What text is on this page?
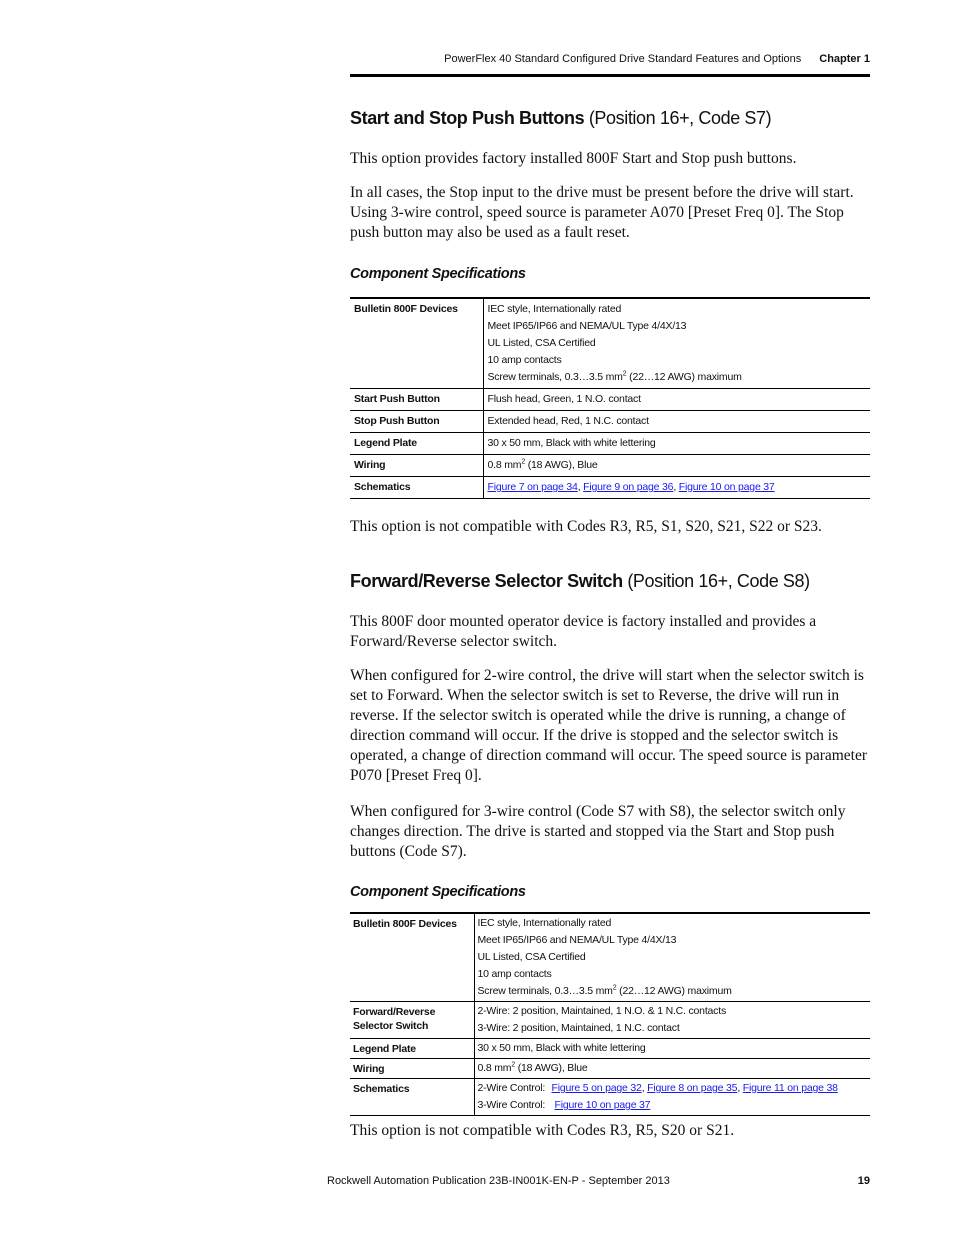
PowerFlex 40 Standard Configured Drive Standard Features and Options Chapter 1
Start and Stop Push Buttons (Position 16+, Code S7)

This option provides factory installed 800F Start and Stop push buttons.

In all cases, the Stop input to the drive must be present before the drive will start. Using 3-wire control, speed source is parameter A070 [Preset Freq 0]. The Stop push button may also be used as a fault reset.

Component Specifications
Bulletin 800F Devices	IEC style, Internationally rated
Meet IP65/IP66 and NEMA/UL Type 4/4X/13
UL Listed, CSA Certified
10 amp contacts
Screw terminals, 0.3…3.5 $mm^2$ (22…12 AWG) maximum

Start Push Button	Flush head, Green, 1 N.O. contact
Stop Push Button	Extended head, Red, 1 N.C. contact
Legend Plate	30 x 50 mm, Black with white lettering
Wiring	0.8 $mm^2$ (18 AWG), Blue
Schematics	Figure 7 on page 34, Figure 9 on page 36, Figure 10 on page 37

This option is not compatible with Codes R3, R5, S1, S20, S21, S22 or S23.

Forward/Reverse Selector Switch (Position 16+, Code S8)

This 800F door mounted operator device is factory installed and provides a Forward/Reverse selector switch.

When configured for 2-wire control, the drive will start when the selector switch is set to Forward. When the selector switch is set to Reverse, the drive will run in reverse. If the selector switch is operated while the drive is running, a change of direction command will occur. If the drive is stopped and the selector switch is operated, a change of direction command will occur. The speed source is parameter P070 [Preset Freq 0].

When configured for 3-wire control (Code S7 with S8), the selector switch only changes direction. The drive is started and stopped via the Start and Stop push buttons (Code S7).

Component Specifications
Bulletin 800F Devices	IEC style, Internationally rated
Meet IP65/IP66 and NEMA/UL Type 4/4X/13
UL Listed, CSA Certified
10 amp contacts
Screw terminals, 0.3…3.5 $mm^2$ (22…12 AWG) maximum

Forward/Reverse
Selector Switch	2-Wire: 2 position, Maintained, 1 N.O. & 1 N.C. contacts
3-Wire: 2 position, Maintained, 1 N.C. contact

Legend Plate	30 x 50 mm, Black with white lettering
Wiring	0.8 $mm^2$ (18 AWG), Blue
Schematics	2-Wire Control: Figure 5 on page 32, Figure 8 on page 35, Figure 11 on page 38
3-Wire Control: Figure 10 on page 37

This option is not compatible with Codes R3, R5, S20 or S21.

Rockwell Automation Publication 23B-IN001K-EN-P - September 2013	19
